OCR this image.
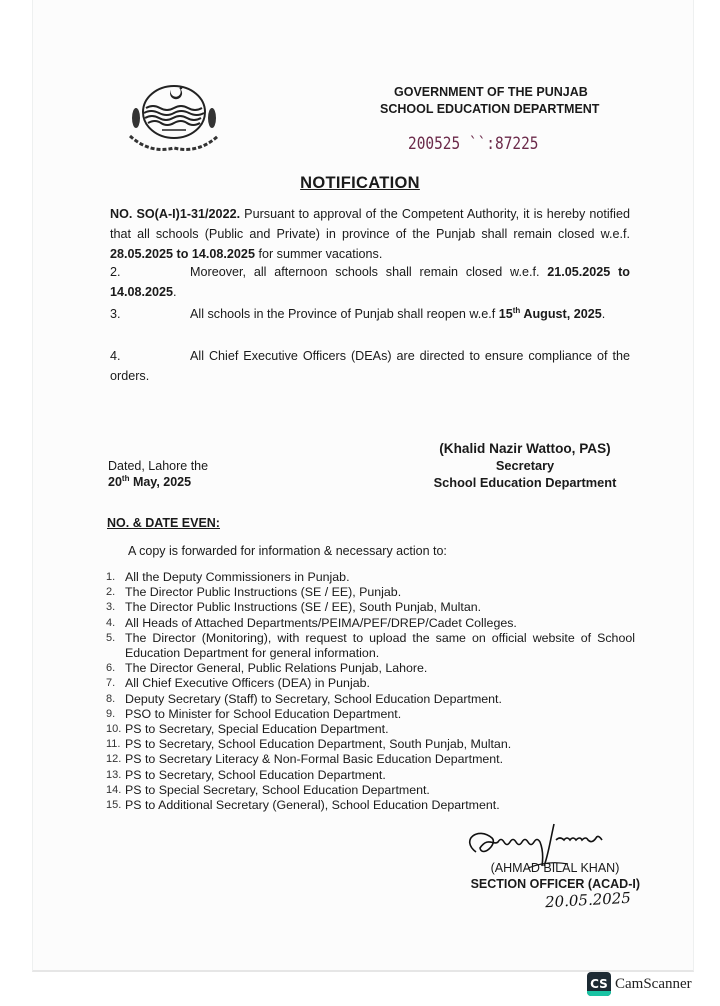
GOVERNMENT OF THE PUNJAB
SCHOOL EDUCATION DEPARTMENT
200525 ``:87225
NOTIFICATION
NO. SO(A-I)1-31/2022. Pursuant to approval of the Competent Authority, it is hereby notified that all schools (Public and Private) in province of the Punjab shall remain closed w.e.f. 28.05.2025 to 14.08.2025 for summer vacations.
2.	Moreover, all afternoon schools shall remain closed w.e.f. 21.05.2025 to 14.08.2025.
3.	All schools in the Province of Punjab shall reopen w.e.f 15th August, 2025.
4.	All Chief Executive Officers (DEAs) are directed to ensure compliance of the orders.
(Khalid Nazir Wattoo, PAS)
Secretary
School Education Department
Dated, Lahore the
20th May, 2025
NO. & DATE EVEN:
A copy is forwarded for information & necessary action to:
1. All the Deputy Commissioners in Punjab.
2. The Director Public Instructions (SE / EE), Punjab.
3. The Director Public Instructions (SE / EE), South Punjab, Multan.
4. All Heads of Attached Departments/PEIMA/PEF/DREP/Cadet Colleges.
5. The Director (Monitoring), with request to upload the same on official website of School Education Department for general information.
6. The Director General, Public Relations Punjab, Lahore.
7. All Chief Executive Officers (DEA) in Punjab.
8. Deputy Secretary (Staff) to Secretary, School Education Department.
9. PSO to Minister for School Education Department.
10. PS to Secretary, Special Education Department.
11. PS to Secretary, School Education Department, South Punjab, Multan.
12. PS to Secretary Literacy & Non-Formal Basic Education Department.
13. PS to Secretary, School Education Department.
14. PS to Special Secretary, School Education Department.
15. PS to Additional Secretary (General), School Education Department.
(AHMAD BILAL KHAN)
SECTION OFFICER (ACAD-I)
20.05.2025
CS CamScanner
